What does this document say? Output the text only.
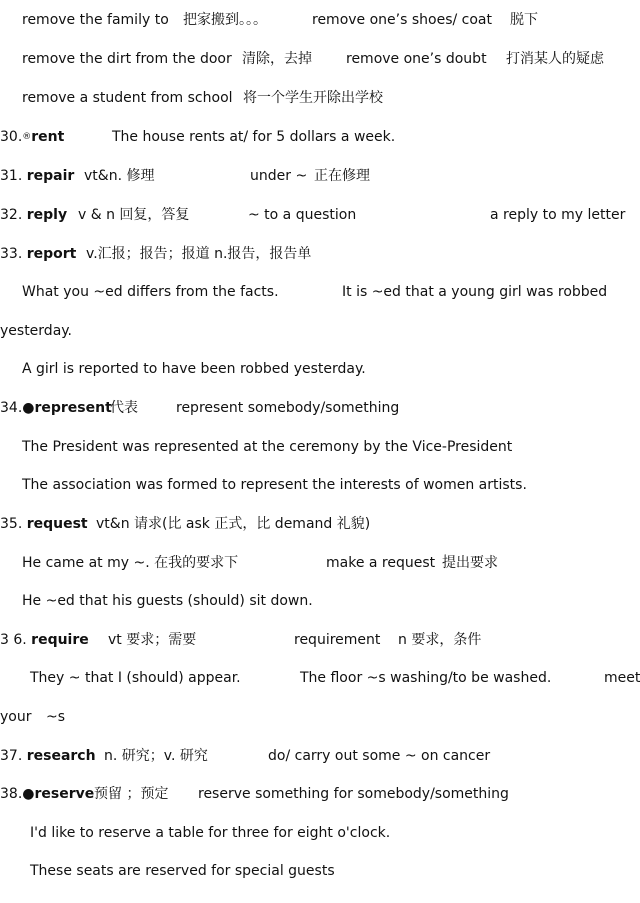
remove the family to 把家搬到。。。	remove one’s shoes/ coat 脱下
remove the dirt from the door 清除，去掉 remove one’s doubt 打消某人的疑虑
remove a student from school 将一个学生开除出学校
30.®rent	The house rents at/ for 5 dollars a week.
31. repair vt&n. 修理	under ~ 正在修理
32. reply v & n 回复，答复	~ to a question	a reply to my letter
33. report v.汇报；报告；报道 n.报告，报告单
What you ~ed differs from the facts.	It is ~ed that a young girl was robbed
yesterday.
A girl is reported to have been robbed yesterday.
34.●represent
代表	represent somebody/something
The President was represented at the ceremony by the Vice-President
The association was formed to represent the interests of women artists.
35. request vt&n 请求(比 ask 正式，比 demand 礼貌)
He came at my ~. 在我的要求下	make a request 提出要求
He ~ed that his guests (should) sit down.
3 6. require vt 要求；需要	requirement n 要求，条件
They ~ that I (should) appear.	The floor ~s washing/to be washed.	meet
your ~s
37. research n. 研究；v. 研究	do/ carry out some ~ on cancer
38.●reserve 预留 ；预定 reserve something for somebody/something
I'd like to reserve a table for three for eight o'clock.
These seats are reserved for special guests
